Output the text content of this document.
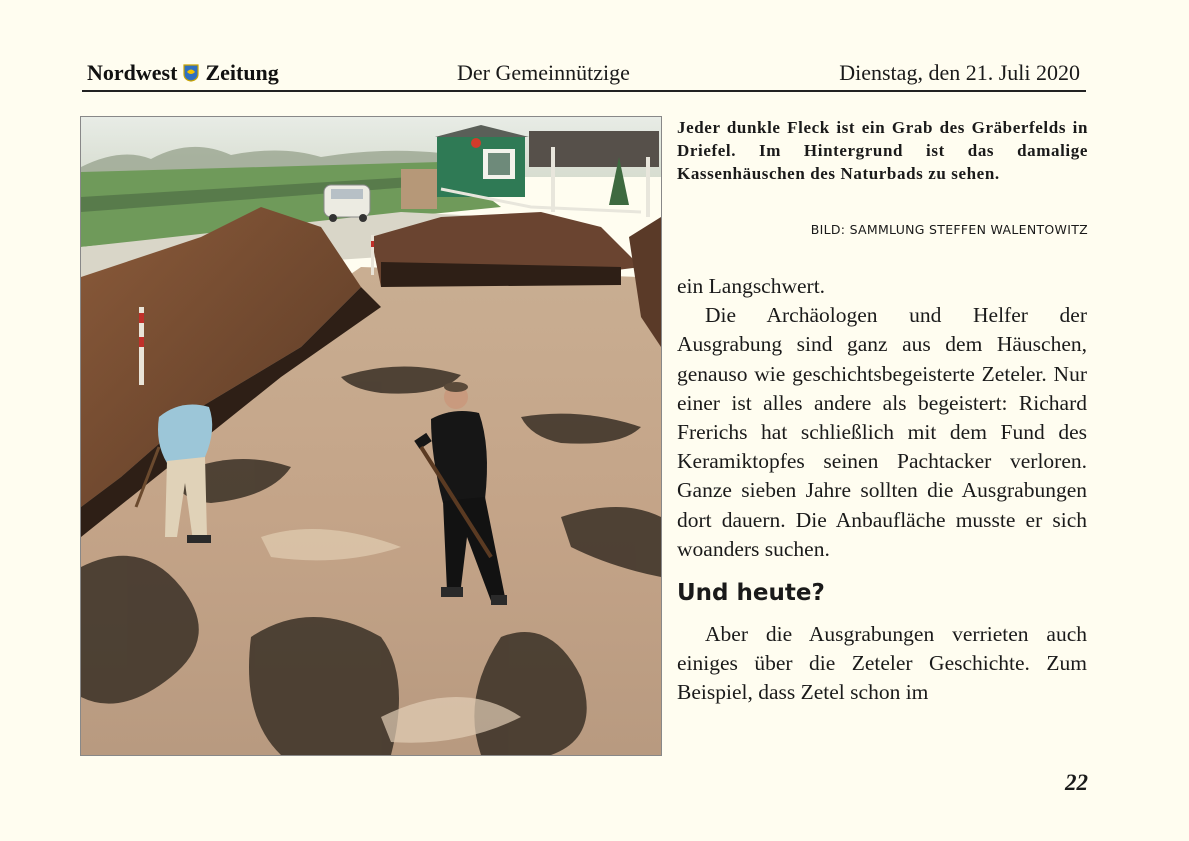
Nordwest Zeitung	Der Gemeinnützige	Dienstag, den 21. Juli 2020
Jeder dunkle Fleck ist ein Grab des Gräberfelds in Driefel. Im Hintergrund ist das damalige Kassenhäuschen des Naturbads zu sehen.
BILD: SAMMLUNG STEFFEN WALENTOWITZ

ein Langschwert.

Die Archäologen und Helfer der Ausgrabung sind ganz aus dem Häuschen, genauso wie geschichtsbegeisterte Zeteler. Nur einer ist alles andere als begeistert: Richard Frerichs hat schließlich mit dem Fund des Keramiktopfes seinen Pachtacker verloren. Ganze sieben Jahre sollten die Ausgrabungen dort dauern. Die Anbaufläche musste er sich woanders suchen.

Und heute?

Aber die Ausgrabungen verrieten auch einiges über die Zeteler Geschichte. Zum Beispiel, dass Zetel schon im

22
